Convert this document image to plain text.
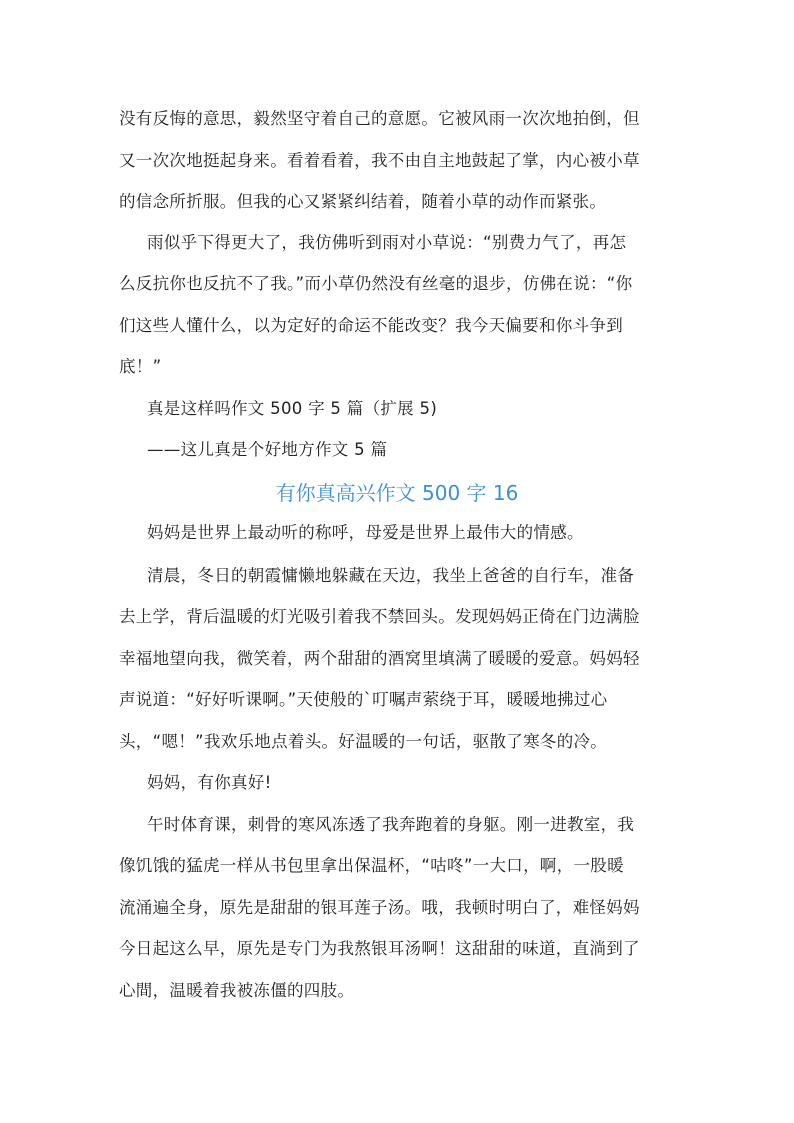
没有反悔的意思，毅然坚守着自己的意愿。它被风雨一次次地拍倒，但
又一次次地挺起身来。看着看着，我不由自主地鼓起了掌，内心被小草
的信念所折服。但我的心又紧紧纠结着，随着小草的动作而紧张。
雨似乎下得更大了，我仿佛听到雨对小草说：“别费力气了，再怎
么反抗你也反抗不了我。”而小草仍然没有丝毫的退步，仿佛在说：“你
们这些人懂什么，以为定好的命运不能改变？我今天偏要和你斗争到
底！”
真是这样吗作文 500 字 5 篇（扩展 5)
——这儿真是个好地方作文 5 篇
有你真高兴作文 500 字 16
妈妈是世界上最动听的称呼，母爱是世界上最伟大的情感。
清晨，冬日的朝霞慵懒地躲藏在天边，我坐上爸爸的自行车，准备
去上学，背后温暖的灯光吸引着我不禁回头。发现妈妈正倚在门边满脸
幸福地望向我，微笑着，两个甜甜的酒窝里填满了暖暖的爱意。妈妈轻
声说道：“好好听课啊。”天使般的`叮嘱声萦绕于耳，暖暖地拂过心
头，“嗯！”我欢乐地点着头。好温暖的一句话，驱散了寒冬的冷。
妈妈，有你真好!
午时体育课，刺骨的寒风冻透了我奔跑着的身躯。刚一进教室，我
像饥饿的猛虎一样从书包里拿出保温杯，“咕咚”一大口，啊，一股暖
流涌遍全身，原先是甜甜的银耳莲子汤。哦，我顿时明白了，难怪妈妈
今日起这么早，原先是专门为我熬银耳汤啊！这甜甜的味道，直淌到了
心間，温暖着我被冻僵的四肢。
